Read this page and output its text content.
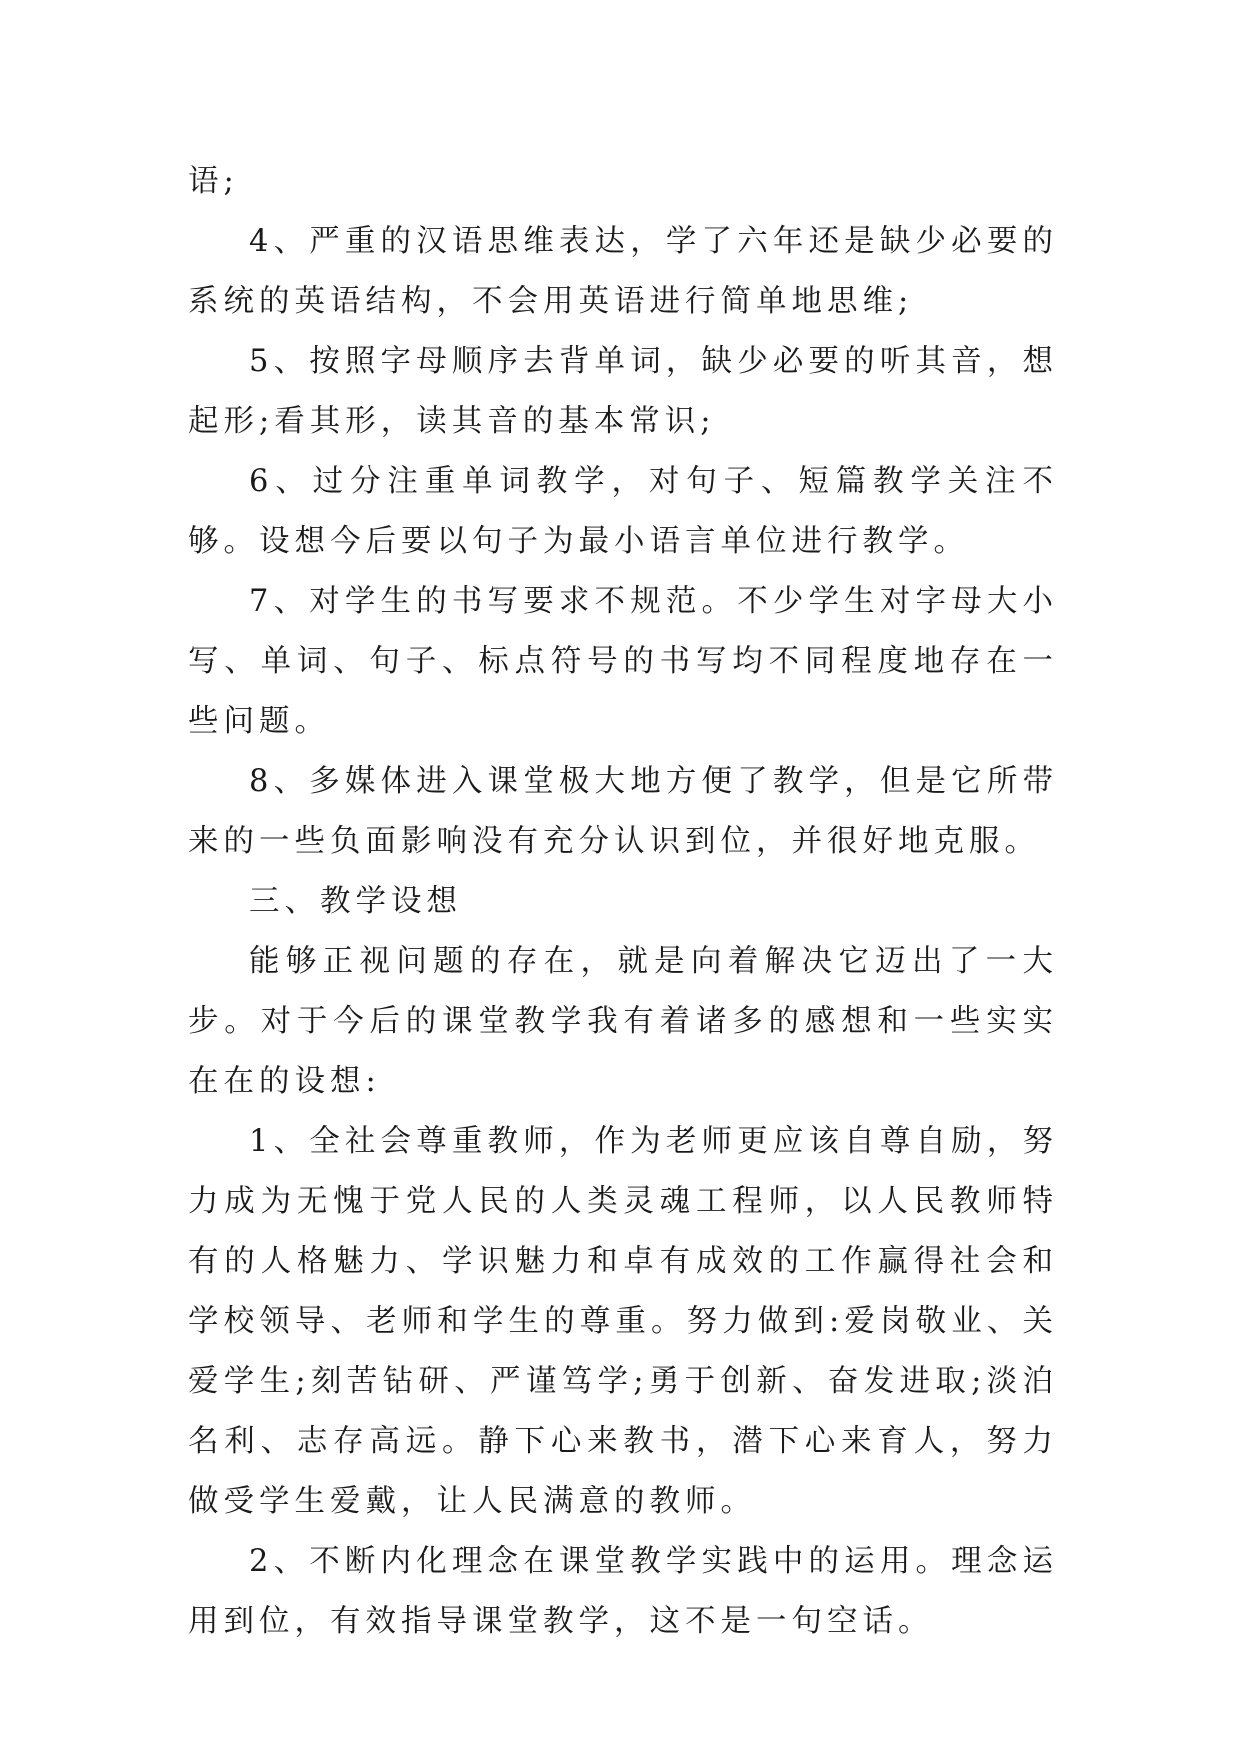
语;

4、严重的汉语思维表达，学了六年还是缺少必要的系统的英语结构，不会用英语进行简单地思维;

5、按照字母顺序去背单词，缺少必要的听其音，想起形;看其形，读其音的基本常识;

6、过分注重单词教学，对句子、短篇教学关注不够。设想今后要以句子为最小语言单位进行教学。

7、对学生的书写要求不规范。不少学生对字母大小写、单词、句子、标点符号的书写均不同程度地存在一些问题。

8、多媒体进入课堂极大地方便了教学，但是它所带来的一些负面影响没有充分认识到位，并很好地克服。

三、教学设想

能够正视问题的存在，就是向着解决它迈出了一大步。对于今后的课堂教学我有着诸多的感想和一些实实在在的设想:

1、全社会尊重教师，作为老师更应该自尊自励，努力成为无愧于党人民的人类灵魂工程师，以人民教师特有的人格魅力、学识魅力和卓有成效的工作赢得社会和学校领导、老师和学生的尊重。努力做到:爱岗敬业、关爱学生;刻苦钻研、严谨笃学;勇于创新、奋发进取;淡泊名利、志存高远。静下心来教书，潜下心来育人，努力做受学生爱戴，让人民满意的教师。

2、不断内化理念在课堂教学实践中的运用。理念运用到位，有效指导课堂教学，这不是一句空话。
